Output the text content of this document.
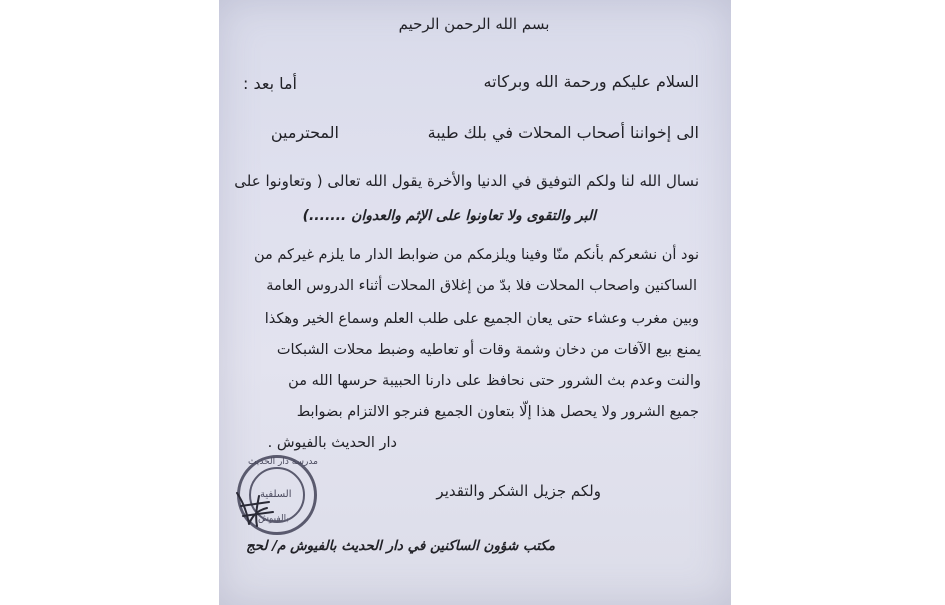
بسم الله الرحمن الرحيم
السلام عليكم ورحمة الله وبركاته
أما بعد :
الى إخواننا أصحاب المحلات في بلك طيبة
المحترمين
نسال الله لنا ولكم التوفيق في الدنيا والأخرة يقول الله تعالى ( وتعاونوا على
البر والتقوى ولا تعاونوا على الإثم والعدوان .......)
نود أن نشعركم بأنكم منّا وفينا ويلزمكم من ضوابط الدار ما يلزم غيركم من
الساكنين واصحاب المحلات فلا بدّ من إغلاق المحلات أثناء الدروس العامة
وبين مغرب وعشاء حتى يعان الجميع على طلب العلم وسماع الخير وهكذا
يمنع بيع الآفات من دخان وشمة وقات أو تعاطيه وضبط محلات الشبكات
والنت وعدم بث الشرور حتى نحافظ على دارنا الحبيبة حرسها الله من
جميع الشرور ولا يحصل هذا إلّا بتعاون الجميع فنرجو الالتزام بضوابط
دار الحديث بالفيوش .
ولكم جزيل الشكر والتقدير
مكتب شؤون الساكنين في دار الحديث بالفيوش م/ لحج
مدرسة دار الحديث
السلفية
بالفيوش
